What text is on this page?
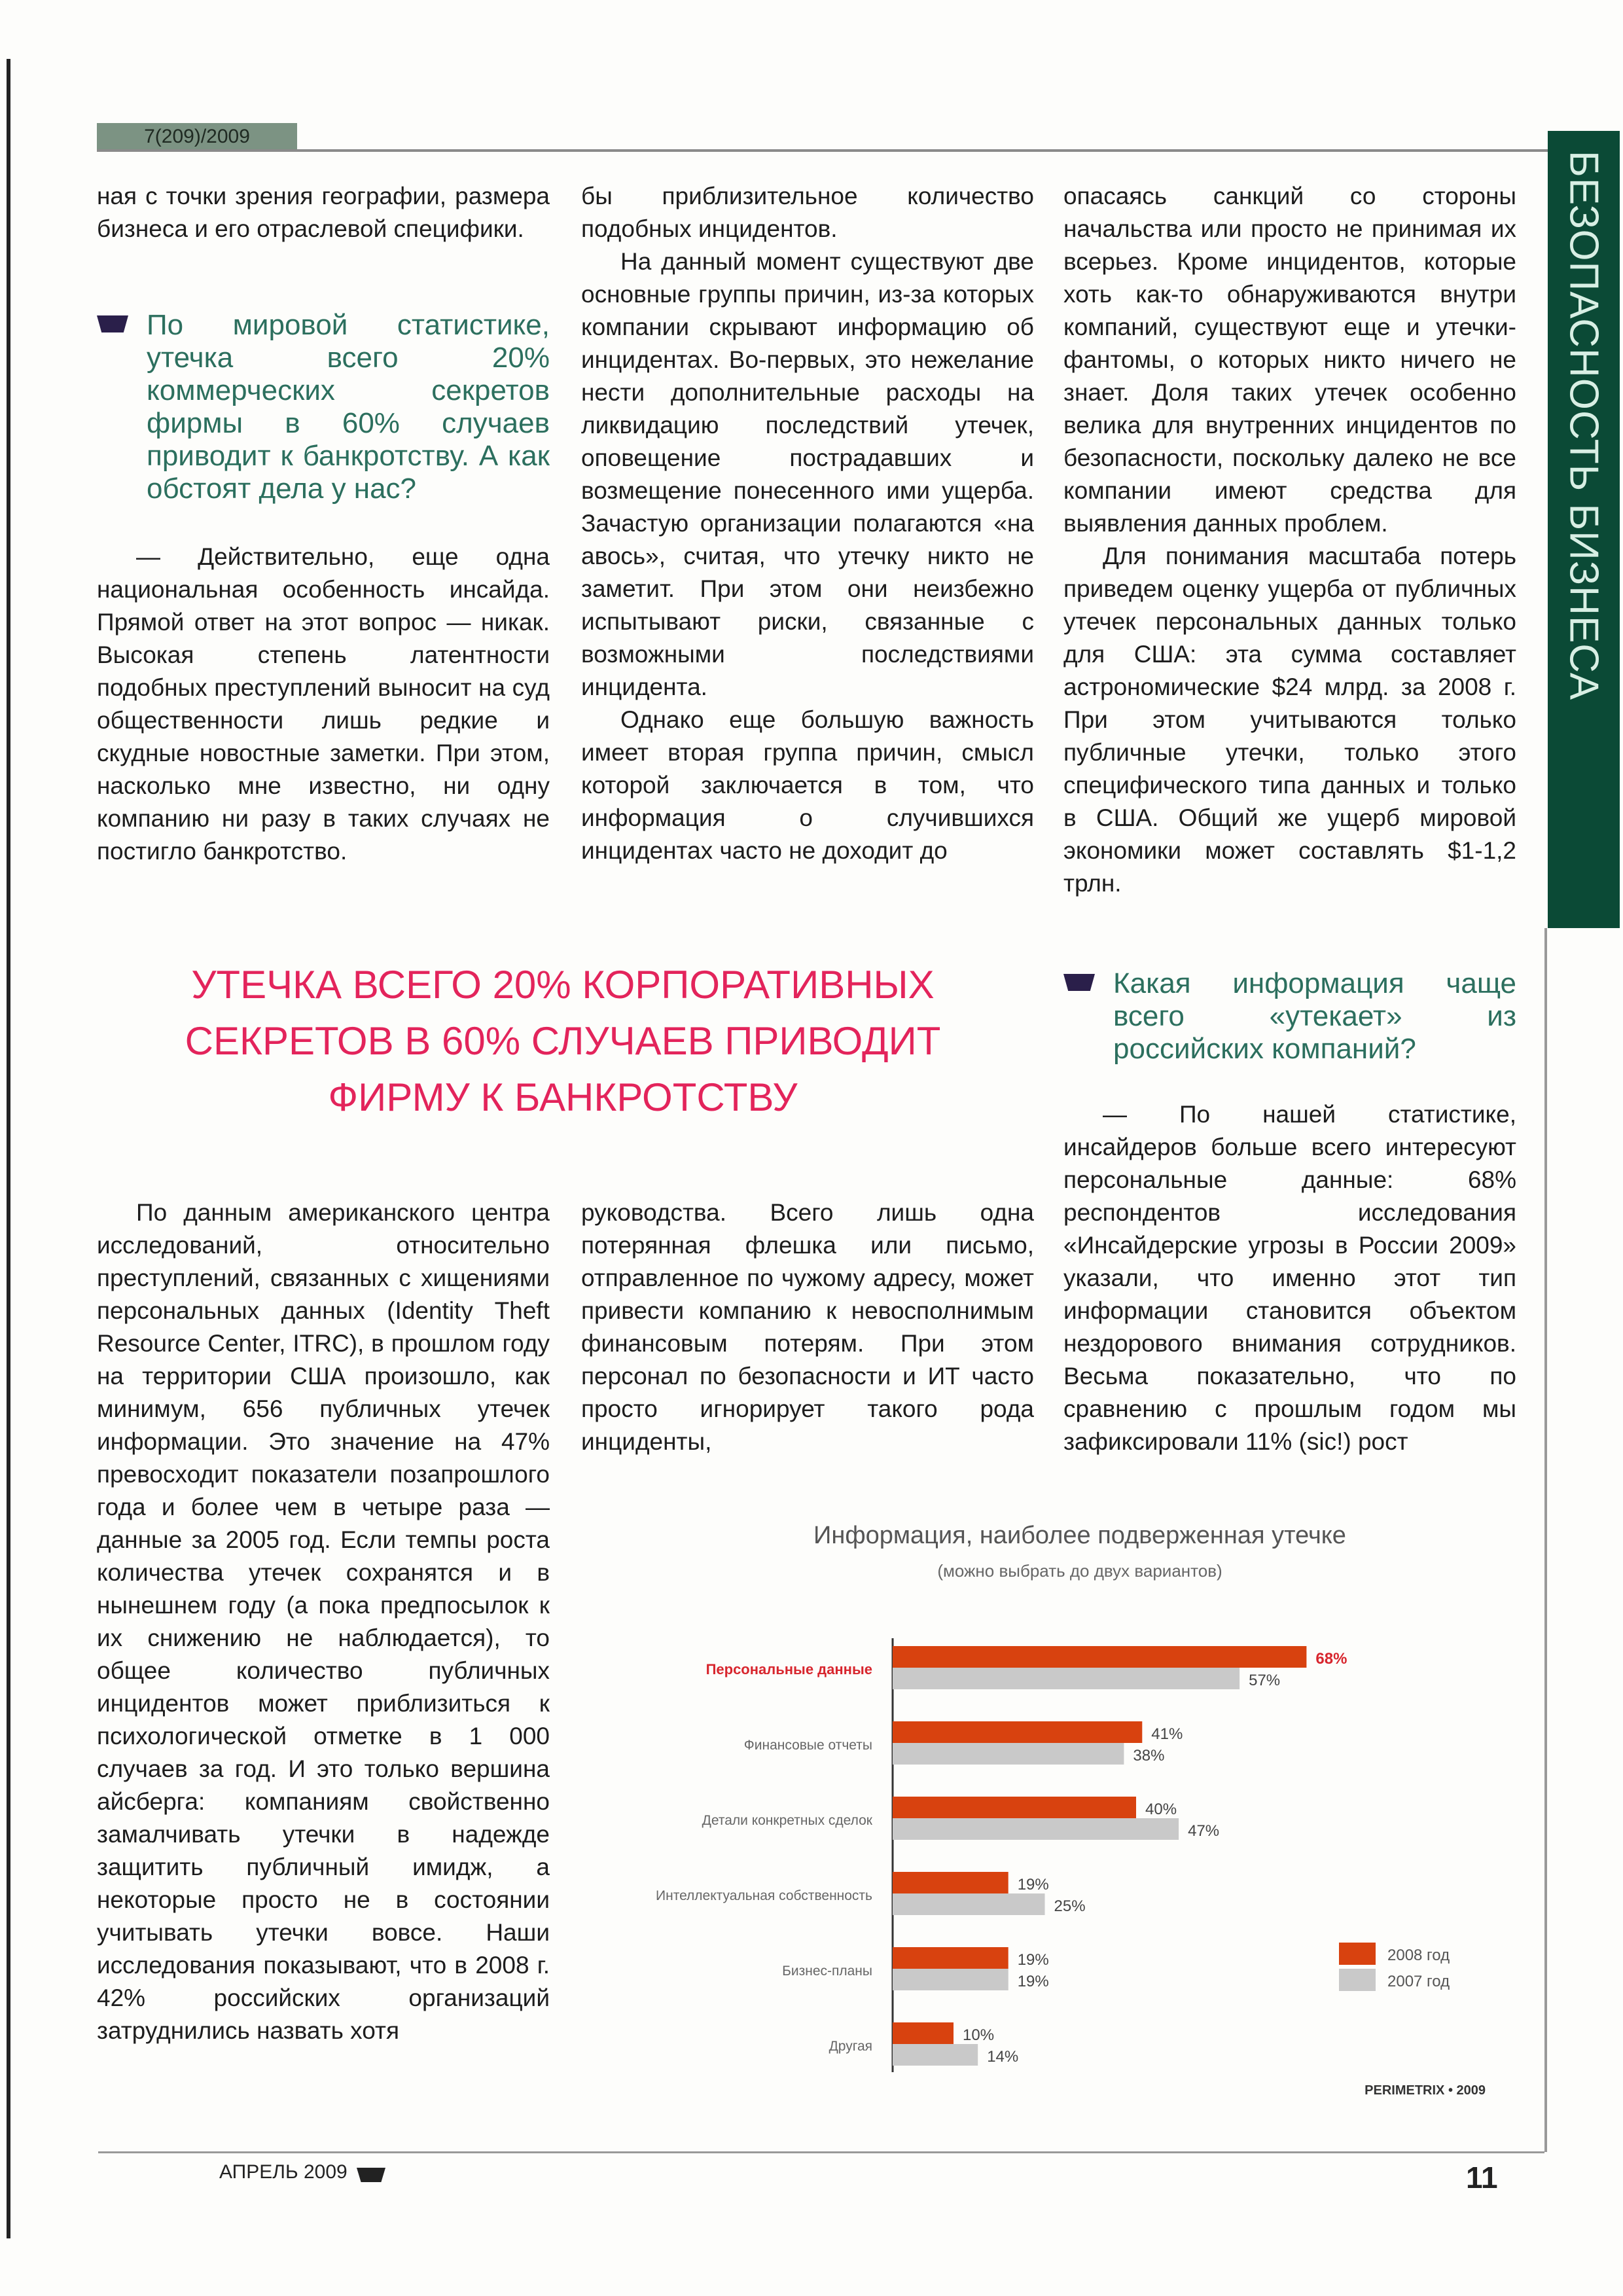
7(209)/2009
БЕЗОПАСНОСТЬ БИЗНЕСА

ная с точки зрения географии, размера бизнеса и его отраслевой специфики.

По мировой статистике, утечка всего 20% коммерческих секретов фирмы в 60% случаев приводит к банкротству. А как обстоят дела у нас?

— Действительно, еще одна национальная особенность инсайда. Прямой ответ на этот вопрос — никак. Высокая степень латентности подобных преступлений выносит на суд общественности лишь редкие и скудные новостные заметки. При этом, насколько мне известно, ни одну компанию ни разу в таких случаях не постигло банкротство.

бы приблизительное количество подобных инцидентов.

На данный момент существуют две основные группы причин, из-за которых компании скрывают информацию об инцидентах. Во-первых, это нежелание нести дополнительные расходы на ликвидацию последствий утечек, оповещение пострадавших и возмещение понесенного ими ущерба. Зачастую организации полагаются «на авось», считая, что утечку никто не заметит. При этом они неизбежно испытывают риски, связанные с возможными последствиями инцидента.

Однако еще большую важность имеет вторая группа причин, смысл которой заключается в том, что информация о случившихся инцидентах часто не доходит до

опасаясь санкций со стороны начальства или просто не принимая их всерьез. Кроме инцидентов, которые хоть как-то обнаруживаются внутри компаний, существуют еще и утечки-фантомы, о которых никто ничего не знает. Доля таких утечек особенно велика для внутренних инцидентов по безопасности, поскольку далеко не все компании имеют средства для выявления данных проблем.

Для понимания масштаба потерь приведем оценку ущерба от публичных утечек персональных данных только для США: эта сумма составляет астрономические $24 млрд. за 2008 г. При этом учитываются только публичные утечки, только этого специфического типа данных и только в США. Общий же ущерб мировой экономики может составлять $1-1,2 трлн.

Какая информация чаще всего «утекает» из российских компаний?

— По нашей статистике, инсайдеров больше всего интересуют персональные данные: 68% респондентов исследования «Инсайдерские угрозы в России 2009» указали, что именно этот тип информации становится объектом нездорового внимания сотрудников. Весьма показательно, что по сравнению с прошлым годом мы зафиксировали 11% (sic!) рост

УТЕЧКА ВСЕГО 20% КОРПОРАТИВНЫХ
СЕКРЕТОВ В 60% СЛУЧАЕВ ПРИВОДИТ
ФИРМУ К БАНКРОТСТВУ

По данным американского центра исследований, относительно преступлений, связанных с хищениями персональных данных (Identity Theft Resource Center, ITRC), в прошлом году на территории США произошло, как минимум, 656 публичных утечек информации. Это значение на 47% превосходит показатели позапрошлого года и более чем в четыре раза — данные за 2005 год. Если темпы роста количества утечек сохранятся и в нынешнем году (а пока предпосылок к их снижению не наблюдается), то общее количество публичных инцидентов может приблизиться к психологической отметке в 1 000 случаев за год. И это только вершина айсберга: компаниям свойственно замалчивать утечки в надежде защитить публичный имидж, а некоторые просто не в состоянии учитывать утечки вовсе. Наши исследования показывают, что в 2008 г. 42% российских организаций затруднились назвать хотя

руководства. Всего лишь одна потерянная флешка или письмо, отправленное по чужому адресу, может привести компанию к невосполнимым финансовым потерям. При этом персонал по безопасности и ИТ часто просто игнорирует такого рода инциденты,

Информация, наиболее подверженная утечке
(можно выбрать до двух вариантов)
Персональные данные
68%
57%
Финансовые отчеты
41%
38%
Детали конкретных сделок
40%
47%
Интеллектуальная собственность
19%
25%
Бизнес-планы
19%
19%
Другая
10%
14%
2008 год
2007 год
PERIMETRIX • 2009
АПРЕЛЬ 2009	11
